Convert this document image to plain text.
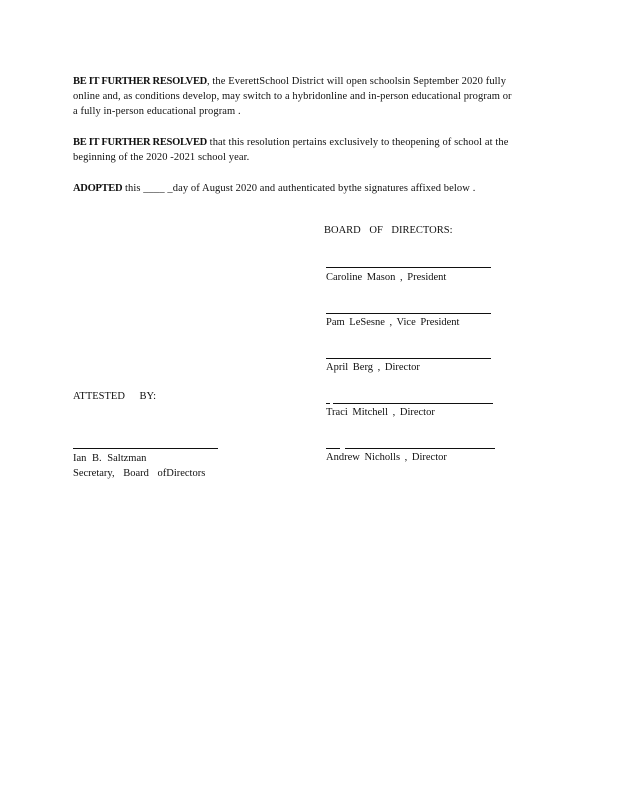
BE IT FURTHER RESOLVED, the EverettSchool District will open schoolsin September 2020 fully online and, as conditions develop, may switch to a hybridonline and in-person educational program or a fully in-person educational program .
BE IT FURTHER RESOLVED that this resolution pertains exclusively to theopening of school at the beginning of the 2020 -2021 school year.
ADOPTED this ____ _day of August 2020 and authenticated bythe signatures affixed below .
BOARD OF DIRECTORS:
Caroline Mason , President
Pam LeSesne , Vice President
April Berg , Director
Traci Mitchell , Director
Andrew Nicholls , Director
ATTESTED BY:
Ian B. Saltzman
Secretary, Board ofDirectors
